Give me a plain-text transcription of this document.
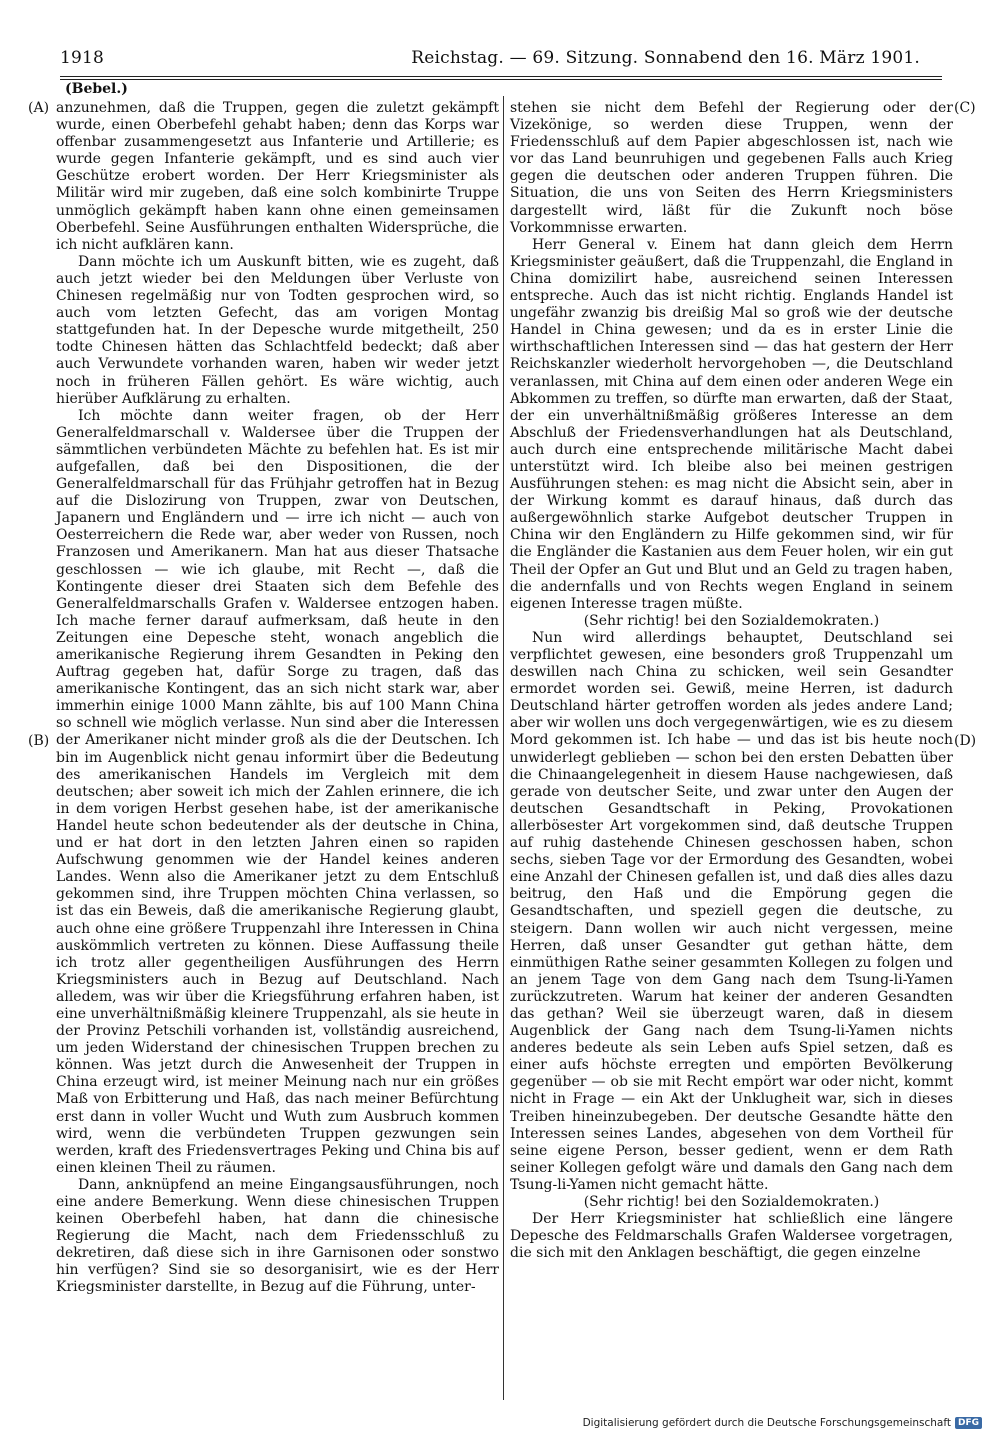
1918	Reichstag. — 69. Sitzung. Sonnabend den 16. März 1901.
(Bebel.)
(A)
(B)
(C)
(D)

anzunehmen, daß die Truppen, gegen die zuletzt gekämpft wurde, einen Oberbefehl gehabt haben; denn das Korps war offenbar zusammengesetzt aus Infanterie und Artillerie; es wurde gegen Infanterie gekämpft, und es sind auch vier Geschütze erobert worden. Der Herr Kriegsminister als Militär wird mir zugeben, daß eine solch kombinirte Truppe unmöglich gekämpft haben kann ohne einen gemeinsamen Oberbefehl. Seine Ausführungen enthalten Widersprüche, die ich nicht aufklären kann.

Dann möchte ich um Auskunft bitten, wie es zugeht, daß auch jetzt wieder bei den Meldungen über Verluste von Chinesen regelmäßig nur von Todten gesprochen wird, so auch vom letzten Gefecht, das am vorigen Montag stattgefunden hat. In der Depesche wurde mitgetheilt, 250 todte Chinesen hätten das Schlachtfeld bedeckt; daß aber auch Verwundete vorhanden waren, haben wir weder jetzt noch in früheren Fällen gehört. Es wäre wichtig, auch hierüber Aufklärung zu erhalten.

Ich möchte dann weiter fragen, ob der Herr Generalfeldmarschall v. Waldersee über die Truppen der sämmtlichen verbündeten Mächte zu befehlen hat. Es ist mir aufgefallen, daß bei den Dispositionen, die der Generalfeldmarschall für das Frühjahr getroffen hat in Bezug auf die Dislozirung von Truppen, zwar von Deutschen, Japanern und Engländern und — irre ich nicht — auch von Oesterreichern die Rede war, aber weder von Russen, noch Franzosen und Amerikanern. Man hat aus dieser Thatsache geschlossen — wie ich glaube, mit Recht —, daß die Kontingente dieser drei Staaten sich dem Befehle des Generalfeldmarschalls Grafen v. Waldersee entzogen haben. Ich mache ferner darauf aufmerksam, daß heute in den Zeitungen eine Depesche steht, wonach angeblich die amerikanische Regierung ihrem Gesandten in Peking den Auftrag gegeben hat, dafür Sorge zu tragen, daß das amerikanische Kontingent, das an sich nicht stark war, aber immerhin einige 1000 Mann zählte, bis auf 100 Mann China so schnell wie möglich verlasse. Nun sind aber die Interessen der Amerikaner nicht minder groß als die der Deutschen. Ich bin im Augenblick nicht genau informirt über die Bedeutung des amerikanischen Handels im Vergleich mit dem deutschen; aber soweit ich mich der Zahlen erinnere, die ich in dem vorigen Herbst gesehen habe, ist der amerikanische Handel heute schon bedeutender als der deutsche in China, und er hat dort in den letzten Jahren einen so rapiden Aufschwung genommen wie der Handel keines anderen Landes. Wenn also die Amerikaner jetzt zu dem Entschluß gekommen sind, ihre Truppen möchten China verlassen, so ist das ein Beweis, daß die amerikanische Regierung glaubt, auch ohne eine größere Truppenzahl ihre Interessen in China auskömmlich vertreten zu können. Diese Auffassung theile ich trotz aller gegentheiligen Ausführungen des Herrn Kriegsministers auch in Bezug auf Deutschland. Nach alledem, was wir über die Kriegsführung erfahren haben, ist eine unverhältnißmäßig kleinere Truppenzahl, als sie heute in der Provinz Petschili vorhanden ist, vollständig ausreichend, um jeden Widerstand der chinesischen Truppen brechen zu können. Was jetzt durch die Anwesenheit der Truppen in China erzeugt wird, ist meiner Meinung nach nur ein größes Maß von Erbitterung und Haß, das nach meiner Befürchtung erst dann in voller Wucht und Wuth zum Ausbruch kommen wird, wenn die verbündeten Truppen gezwungen sein werden, kraft des Friedensvertrages Peking und China bis auf einen kleinen Theil zu räumen.

Dann, anknüpfend an meine Eingangsausführungen, noch eine andere Bemerkung. Wenn diese chinesischen Truppen keinen Oberbefehl haben, hat dann die chinesische Regierung die Macht, nach dem Friedensschluß zu dekretiren, daß diese sich in ihre Garnisonen oder sonstwo hin verfügen? Sind sie so desorganisirt, wie es der Herr Kriegsminister darstellte, in Bezug auf die Führung, unter-

stehen sie nicht dem Befehl der Regierung oder der Vizekönige, so werden diese Truppen, wenn der Friedensschluß auf dem Papier abgeschlossen ist, nach wie vor das Land beunruhigen und gegebenen Falls auch Krieg gegen die deutschen oder anderen Truppen führen. Die Situation, die uns von Seiten des Herrn Kriegsministers dargestellt wird, läßt für die Zukunft noch böse Vorkommnisse erwarten.

Herr General v. Einem hat dann gleich dem Herrn Kriegsminister geäußert, daß die Truppenzahl, die England in China domizilirt habe, ausreichend seinen Interessen entspreche. Auch das ist nicht richtig. Englands Handel ist ungefähr zwanzig bis dreißig Mal so groß wie der deutsche Handel in China gewesen; und da es in erster Linie die wirthschaftlichen Interessen sind — das hat gestern der Herr Reichskanzler wiederholt hervorgehoben —, die Deutschland veranlassen, mit China auf dem einen oder anderen Wege ein Abkommen zu treffen, so dürfte man erwarten, daß der Staat, der ein unverhältnißmäßig größeres Interesse an dem Abschluß der Friedensverhandlungen hat als Deutschland, auch durch eine entsprechende militärische Macht dabei unterstützt wird. Ich bleibe also bei meinen gestrigen Ausführungen stehen: es mag nicht die Absicht sein, aber in der Wirkung kommt es darauf hinaus, daß durch das außergewöhnlich starke Aufgebot deutscher Truppen in China wir den Engländern zu Hilfe gekommen sind, wir für die Engländer die Kastanien aus dem Feuer holen, wir ein gut Theil der Opfer an Gut und Blut und an Geld zu tragen haben, die andernfalls und von Rechts wegen England in seinem eigenen Interesse tragen müßte.

(Sehr richtig! bei den Sozialdemokraten.)

Nun wird allerdings behauptet, Deutschland sei verpflichtet gewesen, eine besonders groß Truppenzahl um deswillen nach China zu schicken, weil sein Gesandter ermordet worden sei. Gewiß, meine Herren, ist dadurch Deutschland härter getroffen worden als jedes andere Land; aber wir wollen uns doch vergegenwärtigen, wie es zu diesem Mord gekommen ist. Ich habe — und das ist bis heute noch unwiderlegt geblieben — schon bei den ersten Debatten über die Chinaangelegenheit in diesem Hause nachgewiesen, daß gerade von deutscher Seite, und zwar unter den Augen der deutschen Gesandtschaft in Peking, Provokationen allerbösester Art vorgekommen sind, daß deutsche Truppen auf ruhig dastehende Chinesen geschossen haben, schon sechs, sieben Tage vor der Ermordung des Gesandten, wobei eine Anzahl der Chinesen gefallen ist, und daß dies alles dazu beitrug, den Haß und die Empörung gegen die Gesandtschaften, und speziell gegen die deutsche, zu steigern. Dann wollen wir auch nicht vergessen, meine Herren, daß unser Gesandter gut gethan hätte, dem einmüthigen Rathe seiner gesammten Kollegen zu folgen und an jenem Tage von dem Gang nach dem Tsung-li-Yamen zurückzutreten. Warum hat keiner der anderen Gesandten das gethan? Weil sie überzeugt waren, daß in diesem Augenblick der Gang nach dem Tsung-li-Yamen nichts anderes bedeute als sein Leben aufs Spiel setzen, daß es einer aufs höchste erregten und empörten Bevölkerung gegenüber — ob sie mit Recht empört war oder nicht, kommt nicht in Frage — ein Akt der Unklugheit war, sich in dieses Treiben hineinzubegeben. Der deutsche Gesandte hätte den Interessen seines Landes, abgesehen von dem Vortheil für seine eigene Person, besser gedient, wenn er dem Rath seiner Kollegen gefolgt wäre und damals den Gang nach dem Tsung-li-Yamen nicht gemacht hätte.

(Sehr richtig! bei den Sozialdemokraten.)

Der Herr Kriegsminister hat schließlich eine längere Depesche des Feldmarschalls Grafen Waldersee vorgetragen, die sich mit den Anklagen beschäftigt, die gegen einzelne

Digitalisierung gefördert durch die Deutsche Forschungsgemeinschaft DFG
